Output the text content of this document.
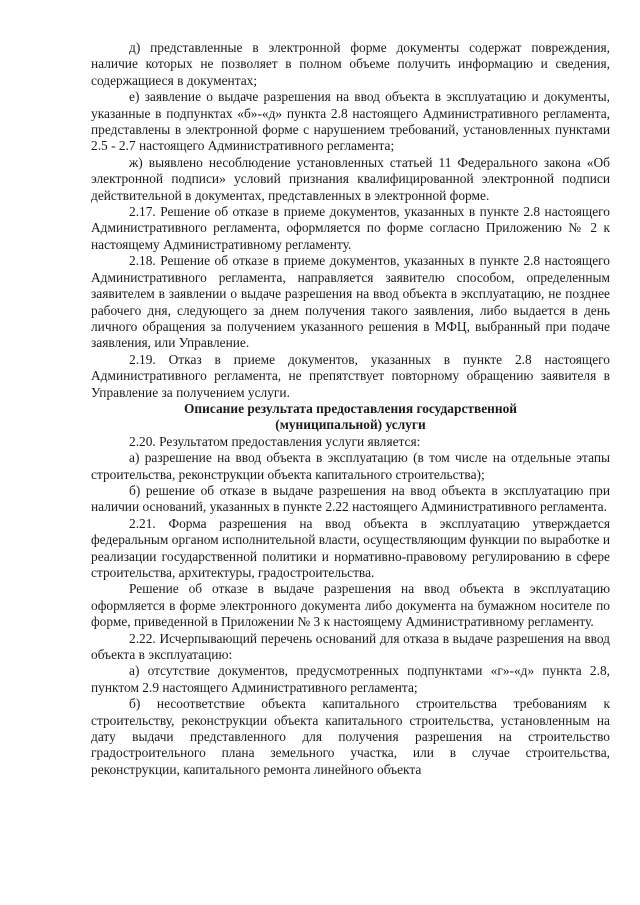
д) представленные в электронной форме документы содержат повреждения, наличие которых не позволяет в полном объеме получить информацию и сведения, содержащиеся в документах;

е) заявление о выдаче разрешения на ввод объекта в эксплуатацию и документы, указанные в подпунктах «б»-«д» пункта 2.8 настоящего Административного регламента, представлены в электронной форме с нарушением требований, установленных пунктами 2.5 - 2.7 настоящего Административного регламента;

ж) выявлено несоблюдение установленных статьей 11 Федерального закона «Об электронной подписи» условий признания квалифицированной электронной подписи действительной в документах, представленных в электронной форме.

2.17. Решение об отказе в приеме документов, указанных в пункте 2.8 настоящего Административного регламента, оформляется по форме согласно Приложению № 2 к настоящему Административному регламенту.

2.18. Решение об отказе в приеме документов, указанных в пункте 2.8 настоящего Административного регламента, направляется заявителю способом, определенным заявителем в заявлении о выдаче разрешения на ввод объекта в эксплуатацию, не позднее рабочего дня, следующего за днем получения такого заявления, либо выдается в день личного обращения за получением указанного решения в МФЦ, выбранный при подаче заявления, или Управление.

2.19. Отказ в приеме документов, указанных в пункте 2.8 настоящего Административного регламента, не препятствует повторному обращению заявителя в Управление за получением услуги.

Описание результата предоставления государственной
(муниципальной) услуги

2.20. Результатом предоставления услуги является:

а) разрешение на ввод объекта в эксплуатацию (в том числе на отдельные этапы строительства, реконструкции объекта капитального строительства);

б) решение об отказе в выдаче разрешения на ввод объекта в эксплуатацию при наличии оснований, указанных в пункте 2.22 настоящего Административного регламента.

2.21. Форма разрешения на ввод объекта в эксплуатацию утверждается федеральным органом исполнительной власти, осуществляющим функции по выработке и реализации государственной политики и нормативно-правовому регулированию в сфере строительства, архитектуры, градостроительства.

Решение об отказе в выдаче разрешения на ввод объекта в эксплуатацию оформляется в форме электронного документа либо документа на бумажном носителе по форме, приведенной в Приложении № 3 к настоящему Административному регламенту.

2.22. Исчерпывающий перечень оснований для отказа в выдаче разрешения на ввод объекта в эксплуатацию:

а) отсутствие документов, предусмотренных подпунктами «г»-«д» пункта 2.8, пунктом 2.9 настоящего Административного регламента;

б) несоответствие объекта капитального строительства требованиям к строительству, реконструкции объекта капитального строительства, установленным на дату выдачи представленного для получения разрешения на строительство градостроительного плана земельного участка, или в случае строительства, реконструкции, капитального ремонта линейного объекта
